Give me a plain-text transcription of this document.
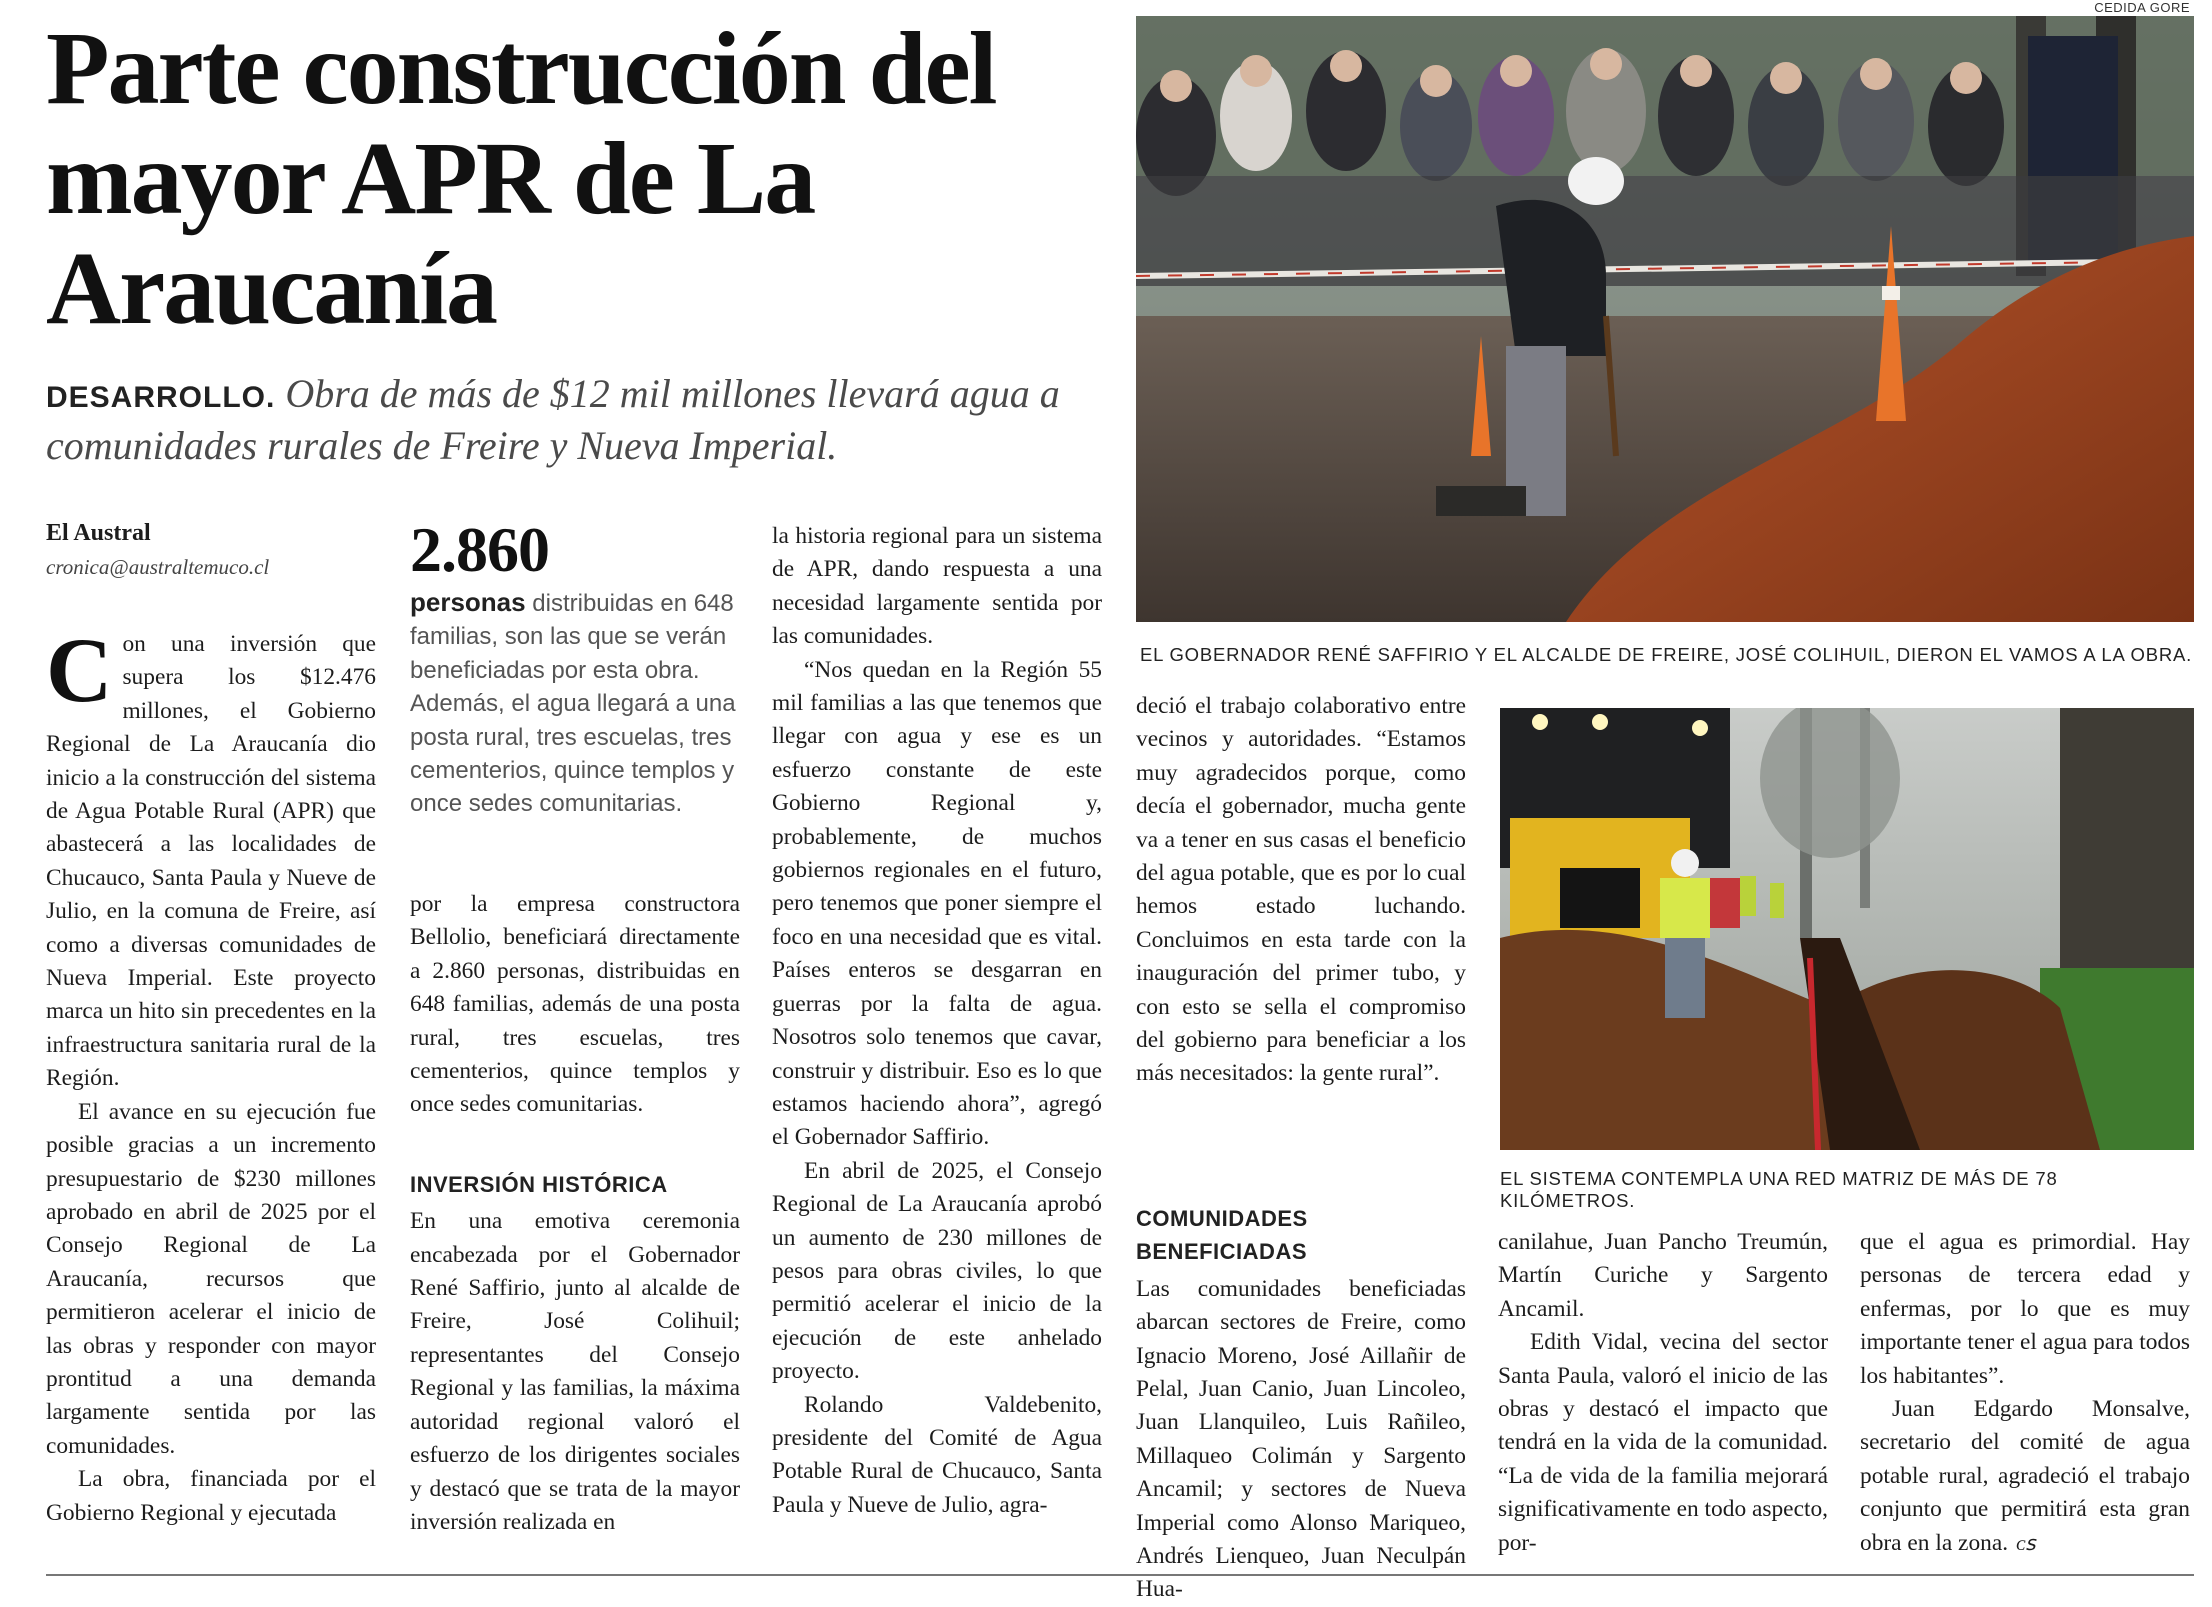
Parte construcción del mayor APR de La Araucanía
DESARROLLO. Obra de más de $12 mil millones llevará agua a comunidades rurales de Freire y Nueva Imperial.
El Austral
cronica@australtemuco.cl

Con una inversión que supera los $12.476 millones, el Gobierno Regional de La Araucanía dio inicio a la construcción del sistema de Agua Potable Rural (APR) que abastecerá a las localidades de Chucauco, Santa Paula y Nueve de Julio, en la comuna de Freire, así como a diversas comunidades de Nueva Imperial. Este proyecto marca un hito sin precedentes en la infraestructura sanitaria rural de la Región.

El avance en su ejecución fue posible gracias a un incremento presupuestario de $230 millones aprobado en abril de 2025 por el Consejo Regional de La Araucanía, recursos que permitieron acelerar el inicio de las obras y responder con mayor prontitud a una demanda largamente sentida por las comunidades.

La obra, financiada por el Gobierno Regional y ejecutada

2.860
personas distribuidas en 648 familias, son las que se verán beneficiadas por esta obra. Además, el agua llegará a una posta rural, tres escuelas, tres cementerios, quince templos y once sedes comunitarias.

por la empresa constructora Bellolio, beneficiará directamente a 2.860 personas, distribuidas en 648 familias, además de una posta rural, tres escuelas, tres cementerios, quince templos y once sedes comunitarias.

INVERSIÓN HISTÓRICA

En una emotiva ceremonia encabezada por el Gobernador René Saffirio, junto al alcalde de Freire, José Colihuil; representantes del Consejo Regional y las familias, la máxima autoridad regional valoró el esfuerzo de los dirigentes sociales y destacó que se trata de la mayor inversión realizada en

la historia regional para un sistema de APR, dando respuesta a una necesidad largamente sentida por las comunidades.

“Nos quedan en la Región 55 mil familias a las que tenemos que llegar con agua y ese es un esfuerzo constante de este Gobierno Regional y, probablemente, de muchos gobiernos regionales en el futuro, pero tenemos que poner siempre el foco en una necesidad que es vital. Países enteros se desgarran en guerras por la falta de agua. Nosotros solo tenemos que cavar, construir y distribuir. Eso es lo que estamos haciendo ahora”, agregó el Gobernador Saffirio.

En abril de 2025, el Consejo Regional de La Araucanía aprobó un aumento de 230 millones de pesos para obras civiles, lo que permitió acelerar el inicio de la ejecución de este anhelado proyecto.

Rolando Valdebenito, presidente del Comité de Agua Potable Rural de Chucauco, Santa Paula y Nueve de Julio, agra-

deció el trabajo colaborativo entre vecinos y autoridades. “Estamos muy agradecidos porque, como decía el gobernador, mucha gente va a tener en sus casas el beneficio del agua potable, que es por lo cual hemos estado luchando. Concluimos en esta tarde con la inauguración del primer tubo, y con esto se sella el compromiso del gobierno para beneficiar a los más necesitados: la gente rural”.

COMUNIDADES BENEFICIADAS

Las comunidades beneficiadas abarcan sectores de Freire, como Ignacio Moreno, José Aillañir de Pelal, Juan Canio, Juan Lincoleo, Juan Llanquileo, Luis Rañileo, Millaqueo Colimán y Sargento Ancamil; y sectores de Nueva Imperial como Alonso Mariqueo, Andrés Lienqueo, Juan Neculpán Hua-

canilahue, Juan Pancho Treumún, Martín Curiche y Sargento Ancamil.

Edith Vidal, vecina del sector Santa Paula, valoró el inicio de las obras y destacó el impacto que tendrá en la vida de la comunidad. “La de vida de la familia mejorará significativamente en todo aspecto, por-

que el agua es primordial. Hay personas de tercera edad y enfermas, por lo que es muy importante tener el agua para todos los habitantes”.

Juan Edgardo Monsalve, secretario del comité de agua potable rural, agradeció el trabajo conjunto que permitirá esta gran obra en la zona. ᴄꜱ

CEDIDA GORE
EL GOBERNADOR RENÉ SAFFIRIO Y EL ALCALDE DE FREIRE, JOSÉ COLIHUIL, DIERON EL VAMOS A LA OBRA.
EL SISTEMA CONTEMPLA UNA RED MATRIZ DE MÁS DE 78 KILÓMETROS.
